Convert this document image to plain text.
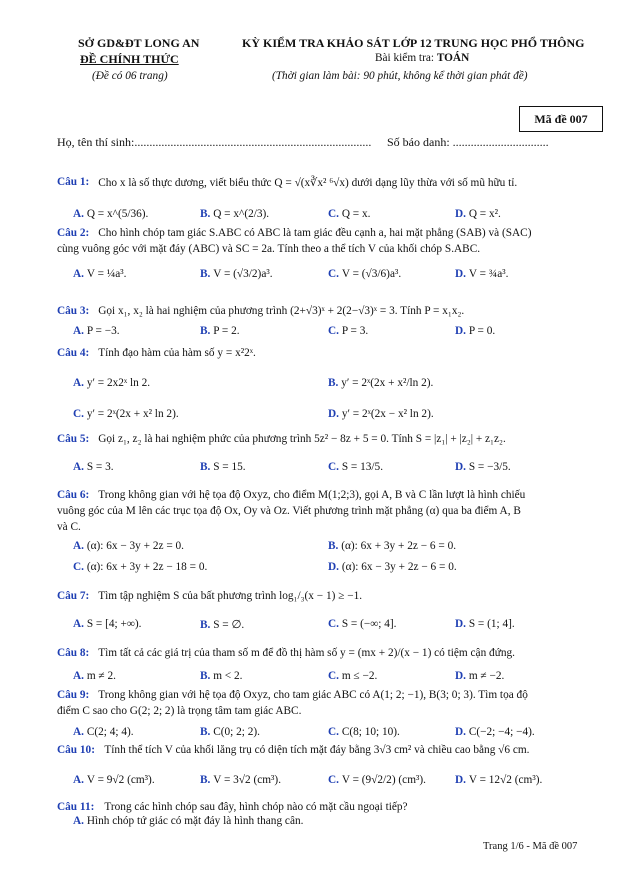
SỞ GD&ĐT LONG AN
ĐỀ CHÍNH THỨC
(Đề có 06 trang)
KỲ KIỂM TRA KHẢO SÁT LỚP 12 TRUNG HỌC PHỔ THÔNG
Bài kiểm tra: TOÁN
(Thời gian làm bài: 90 phút, không kể thời gian phát đề)
Mã đề 007
Họ, tên thí sinh:............................................................................... Số báo danh: ................................
Câu 1: Cho x là số thực dương, viết biểu thức Q = √(x∛x² ⁶√x) dưới dạng lũy thừa với số mũ hữu tỉ.
A. Q = x^(5/36).	B. Q = x^(2/3).	C. Q = x.	D. Q = x².
Câu 2: Cho hình chóp tam giác S.ABC có ABC là tam giác đều cạnh a, hai mặt phẳng (SAB) và (SAC)
cùng vuông góc với mặt đáy (ABC) và SC = 2a. Tính theo a thể tích V của khối chóp S.ABC.
A. V = ¼a³.	B. V = (√3/2)a³.	C. V = (√3/6)a³.	D. V = ¾a³.
Câu 3: Gọi x₁, x₂ là hai nghiệm của phương trình (2+√3)ˣ + 2(2−√3)ˣ = 3. Tính P = x₁x₂.
A. P = −3.	B. P = 2.	C. P = 3.	D. P = 0.
Câu 4: Tính đạo hàm của hàm số y = x²2ˣ.
A. y′ = 2x2ˣ ln 2.	B. y′ = 2ˣ(2x + x²/ln 2).
C. y′ = 2ˣ(2x + x² ln 2).	D. y′ = 2ˣ(2x − x² ln 2).
Câu 5: Gọi z₁, z₂ là hai nghiệm phức của phương trình 5z² − 8z + 5 = 0. Tính S = |z₁| + |z₂| + z₁z₂.
A. S = 3.	B. S = 15.	C. S = 13/5.	D. S = −3/5.
Câu 6: Trong không gian với hệ tọa độ Oxyz, cho điểm M(1;2;3), gọi A, B và C lần lượt là hình chiếu
vuông góc của M lên các trục tọa độ Ox, Oy và Oz. Viết phương trình mặt phẳng (α) qua ba điểm A, B
và C.
A. (α): 6x − 3y + 2z = 0.	B. (α): 6x + 3y + 2z − 6 = 0.
C. (α): 6x + 3y + 2z − 18 = 0.	D. (α): 6x − 3y + 2z − 6 = 0.
Câu 7: Tìm tập nghiệm S của bất phương trình log₁/₃(x − 1) ≥ −1.
A. S = [4; +∞).	B. S = ∅.	C. S = (−∞; 4].	D. S = (1; 4].
Câu 8: Tìm tất cả các giá trị của tham số m để đồ thị hàm số y = (mx + 2)/(x − 1) có tiệm cận đứng.
A. m ≠ 2.	B. m < 2.	C. m ≤ −2.	D. m ≠ −2.
Câu 9: Trong không gian với hệ tọa độ Oxyz, cho tam giác ABC có A(1; 2; −1), B(3; 0; 3). Tìm tọa độ
điểm C sao cho G(2; 2; 2) là trọng tâm tam giác ABC.
A. C(2; 4; 4).	B. C(0; 2; 2).	C. C(8; 10; 10).	D. C(−2; −4; −4).
Câu 10: Tính thể tích V của khối lăng trụ có diện tích mặt đáy bằng 3√3 cm² và chiều cao bằng √6 cm.
A. V = 9√2 (cm³).	B. V = 3√2 (cm³).	C. V = (9√2/2) (cm³).	D. V = 12√2 (cm³).
Câu 11: Trong các hình chóp sau đây, hình chóp nào có mặt cầu ngoại tiếp?
A. Hình chóp tứ giác có mặt đáy là hình thang cân.
Trang 1/6 - Mã đề 007
